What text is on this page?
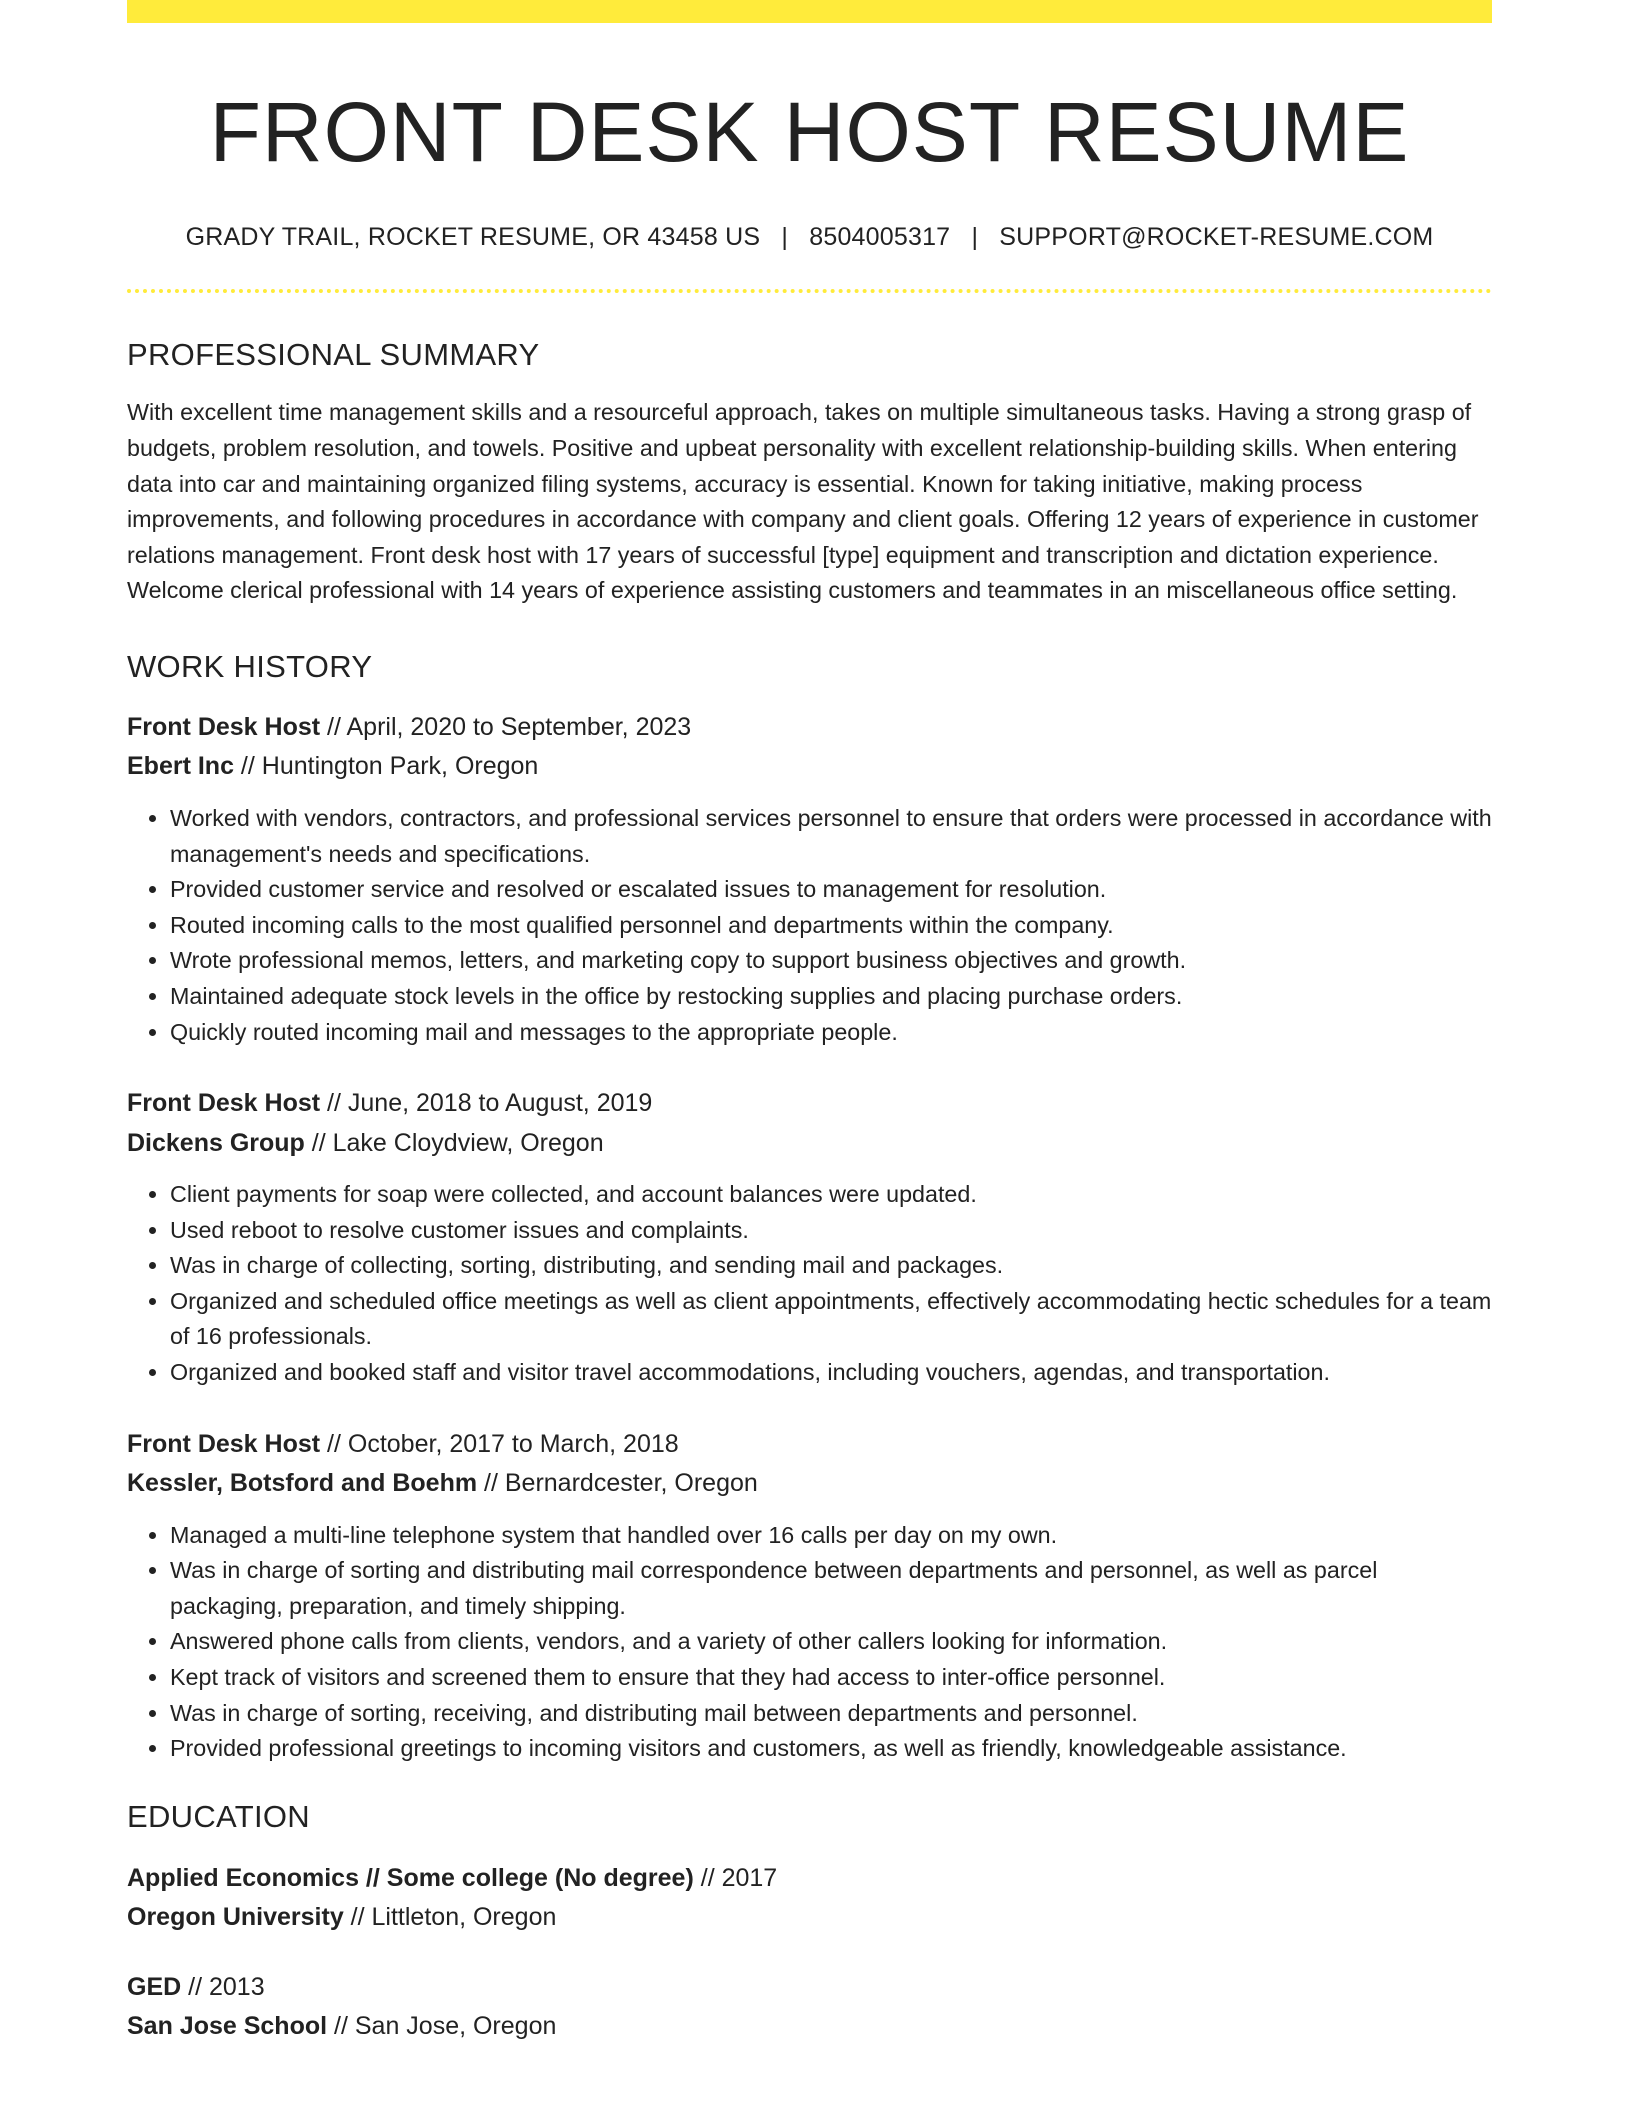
FRONT DESK HOST RESUME
GRADY TRAIL, ROCKET RESUME, OR 43458 US | 8504005317 | SUPPORT@ROCKET-RESUME.COM
PROFESSIONAL SUMMARY
With excellent time management skills and a resourceful approach, takes on multiple simultaneous tasks. Having a strong grasp of budgets, problem resolution, and towels. Positive and upbeat personality with excellent relationship-building skills. When entering data into car and maintaining organized filing systems, accuracy is essential. Known for taking initiative, making process improvements, and following procedures in accordance with company and client goals. Offering 12 years of experience in customer relations management. Front desk host with 17 years of successful [type] equipment and transcription and dictation experience. Welcome clerical professional with 14 years of experience assisting customers and teammates in an miscellaneous office setting.
WORK HISTORY
Front Desk Host // April, 2020 to September, 2023
Ebert Inc // Huntington Park, Oregon
• Worked with vendors, contractors, and professional services personnel to ensure that orders were processed in accordance with management's needs and specifications.
• Provided customer service and resolved or escalated issues to management for resolution.
• Routed incoming calls to the most qualified personnel and departments within the company.
• Wrote professional memos, letters, and marketing copy to support business objectives and growth.
• Maintained adequate stock levels in the office by restocking supplies and placing purchase orders.
• Quickly routed incoming mail and messages to the appropriate people.
Front Desk Host // June, 2018 to August, 2019
Dickens Group // Lake Cloydview, Oregon
• Client payments for soap were collected, and account balances were updated.
• Used reboot to resolve customer issues and complaints.
• Was in charge of collecting, sorting, distributing, and sending mail and packages.
• Organized and scheduled office meetings as well as client appointments, effectively accommodating hectic schedules for a team of 16 professionals.
• Organized and booked staff and visitor travel accommodations, including vouchers, agendas, and transportation.
Front Desk Host // October, 2017 to March, 2018
Kessler, Botsford and Boehm // Bernardcester, Oregon
• Managed a multi-line telephone system that handled over 16 calls per day on my own.
• Was in charge of sorting and distributing mail correspondence between departments and personnel, as well as parcel packaging, preparation, and timely shipping.
• Answered phone calls from clients, vendors, and a variety of other callers looking for information.
• Kept track of visitors and screened them to ensure that they had access to inter-office personnel.
• Was in charge of sorting, receiving, and distributing mail between departments and personnel.
• Provided professional greetings to incoming visitors and customers, as well as friendly, knowledgeable assistance.
EDUCATION
Applied Economics // Some college (No degree) // 2017
Oregon University // Littleton, Oregon
GED // 2013
San Jose School // San Jose, Oregon
